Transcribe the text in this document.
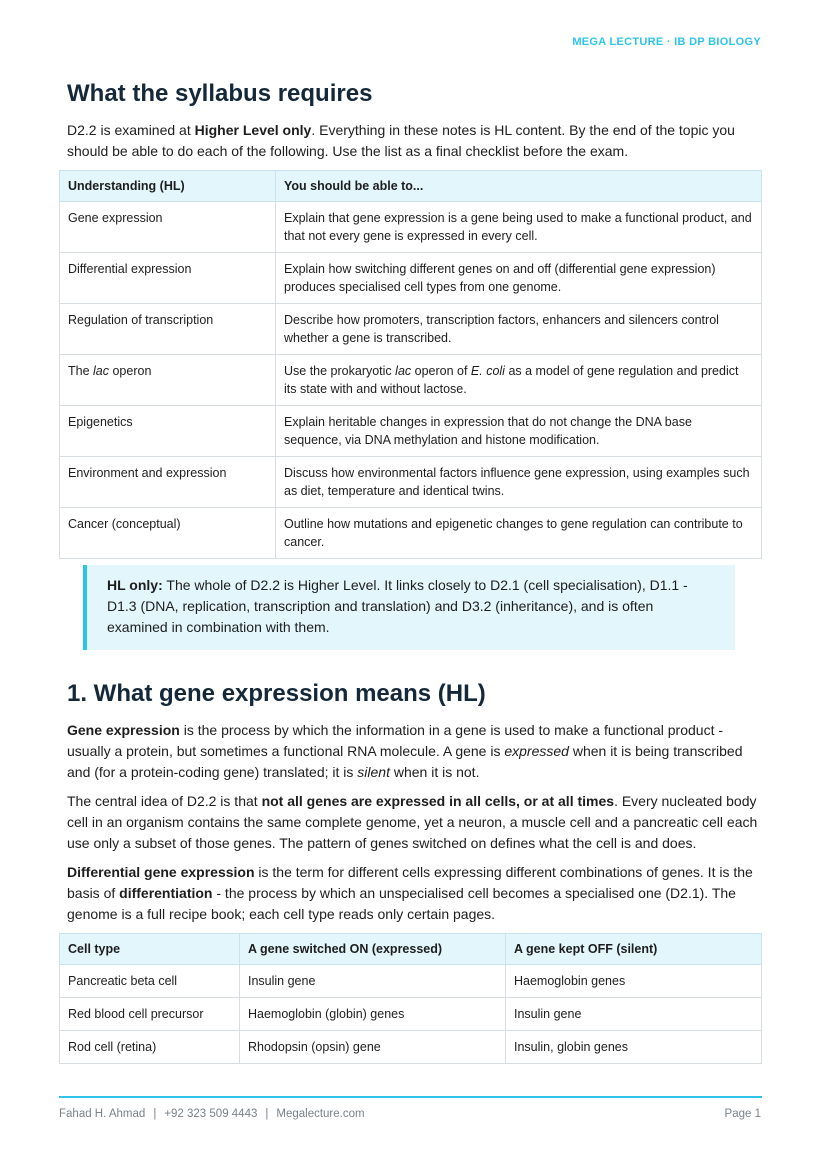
MEGA LECTURE · IB DP BIOLOGY
What the syllabus requires

D2.2 is examined at Higher Level only. Everything in these notes is HL content. By the end of the topic you should be able to do each of the following. Use the list as a final checklist before the exam.

Understanding (HL)	You should be able to...
Gene expression	Explain that gene expression is a gene being used to make a functional product, and that not every gene is expressed in every cell.
Differential expression	Explain how switching different genes on and off (differential gene expression) produces specialised cell types from one genome.
Regulation of transcription	Describe how promoters, transcription factors, enhancers and silencers control whether a gene is transcribed.
The lac operon	Use the prokaryotic lac operon of E. coli as a model of gene regulation and predict its state with and without lactose.
Epigenetics	Explain heritable changes in expression that do not change the DNA base sequence, via DNA methylation and histone modification.
Environment and expression	Discuss how environmental factors influence gene expression, using examples such as diet, temperature and identical twins.
Cancer (conceptual)	Outline how mutations and epigenetic changes to gene regulation can contribute to cancer.
HL only: The whole of D2.2 is Higher Level. It links closely to D2.1 (cell specialisation), D1.1 - D1.3 (DNA, replication, transcription and translation) and D3.2 (inheritance), and is often examined in combination with them.
1. What gene expression means (HL)

Gene expression is the process by which the information in a gene is used to make a functional product - usually a protein, but sometimes a functional RNA molecule. A gene is expressed when it is being transcribed and (for a protein-coding gene) translated; it is silent when it is not.

The central idea of D2.2 is that not all genes are expressed in all cells, or at all times. Every nucleated body cell in an organism contains the same complete genome, yet a neuron, a muscle cell and a pancreatic cell each use only a subset of those genes. The pattern of genes switched on defines what the cell is and does.

Differential gene expression is the term for different cells expressing different combinations of genes. It is the basis of differentiation - the process by which an unspecialised cell becomes a specialised one (D2.1). The genome is a full recipe book; each cell type reads only certain pages.

Cell type	A gene switched ON (expressed)	A gene kept OFF (silent)
Pancreatic beta cell	Insulin gene	Haemoglobin genes
Red blood cell precursor	Haemoglobin (globin) genes	Insulin gene
Rod cell (retina)	Rhodopsin (opsin) gene	Insulin, globin genes
Fahad H. Ahmad | +92 323 509 4443 | Megalecture.com	Page 1
